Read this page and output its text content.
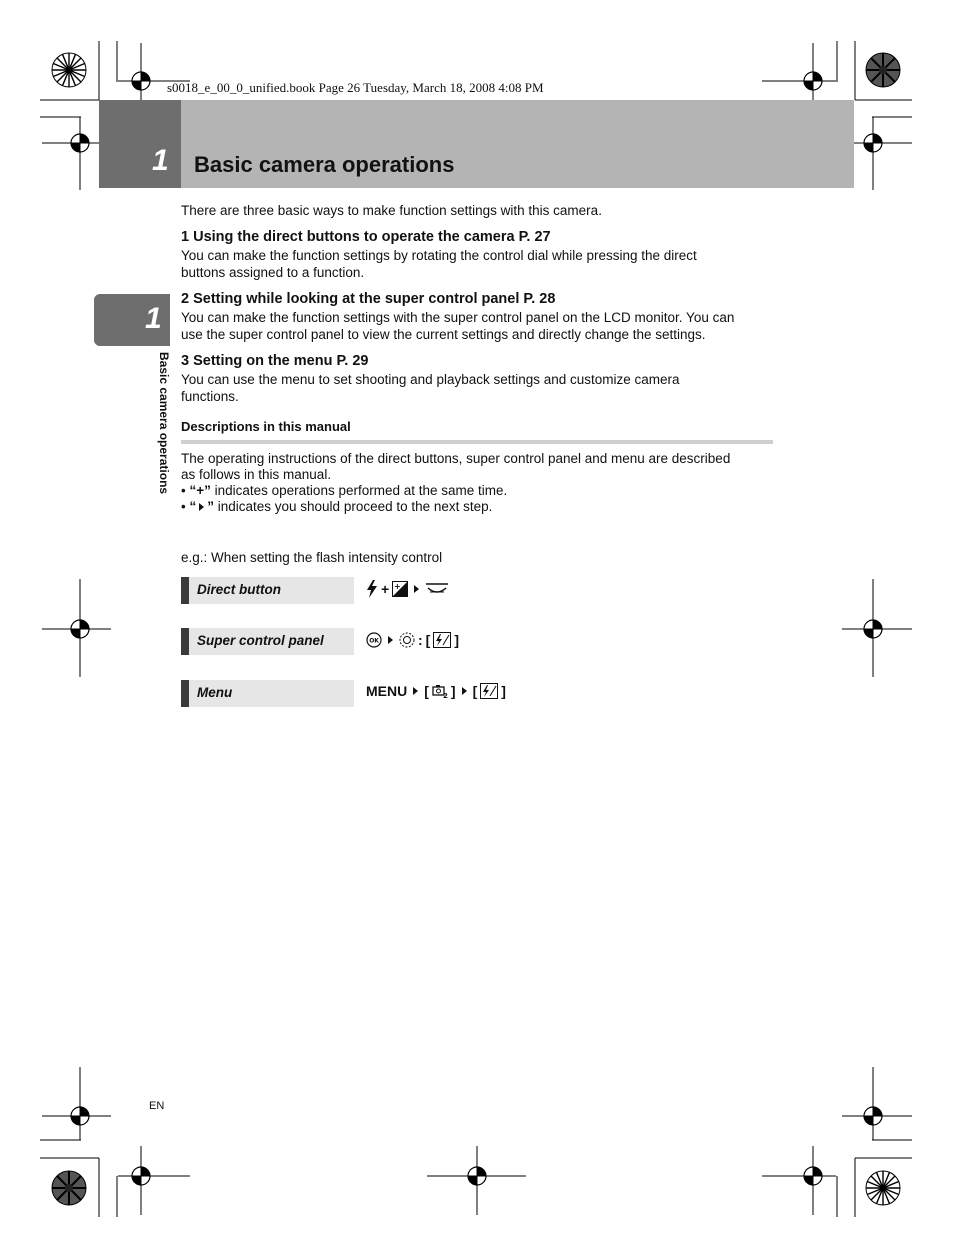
s0018_e_00_0_unified.book Page 26 Tuesday, March 18, 2008 4:08 PM
1 Basic camera operations
1
Basic camera operations
There are three basic ways to make function settings with this camera.
1 Using the direct buttons to operate the camera P. 27
You can make the function settings by rotating the control dial while pressing the direct
buttons assigned to a function.
2 Setting while looking at the super control panel P. 28
You can make the function settings with the super control panel on the LCD monitor. You can
use the super control panel to view the current settings and directly change the settings.
3 Setting on the menu P. 29
You can use the menu to set shooting and playback settings and customize camera
functions.
Descriptions in this manual
The operating instructions of the direct buttons, super control panel and menu are described
as follows in this manual.
• “+” indicates operations performed at the same time.
• “ ” indicates you should proceed to the next step.
e.g.: When setting the flash intensity control
Direct button	+ +
Super control panel	OK	: [ ]
Menu	MENU [ 2 ] [ ]
EN
